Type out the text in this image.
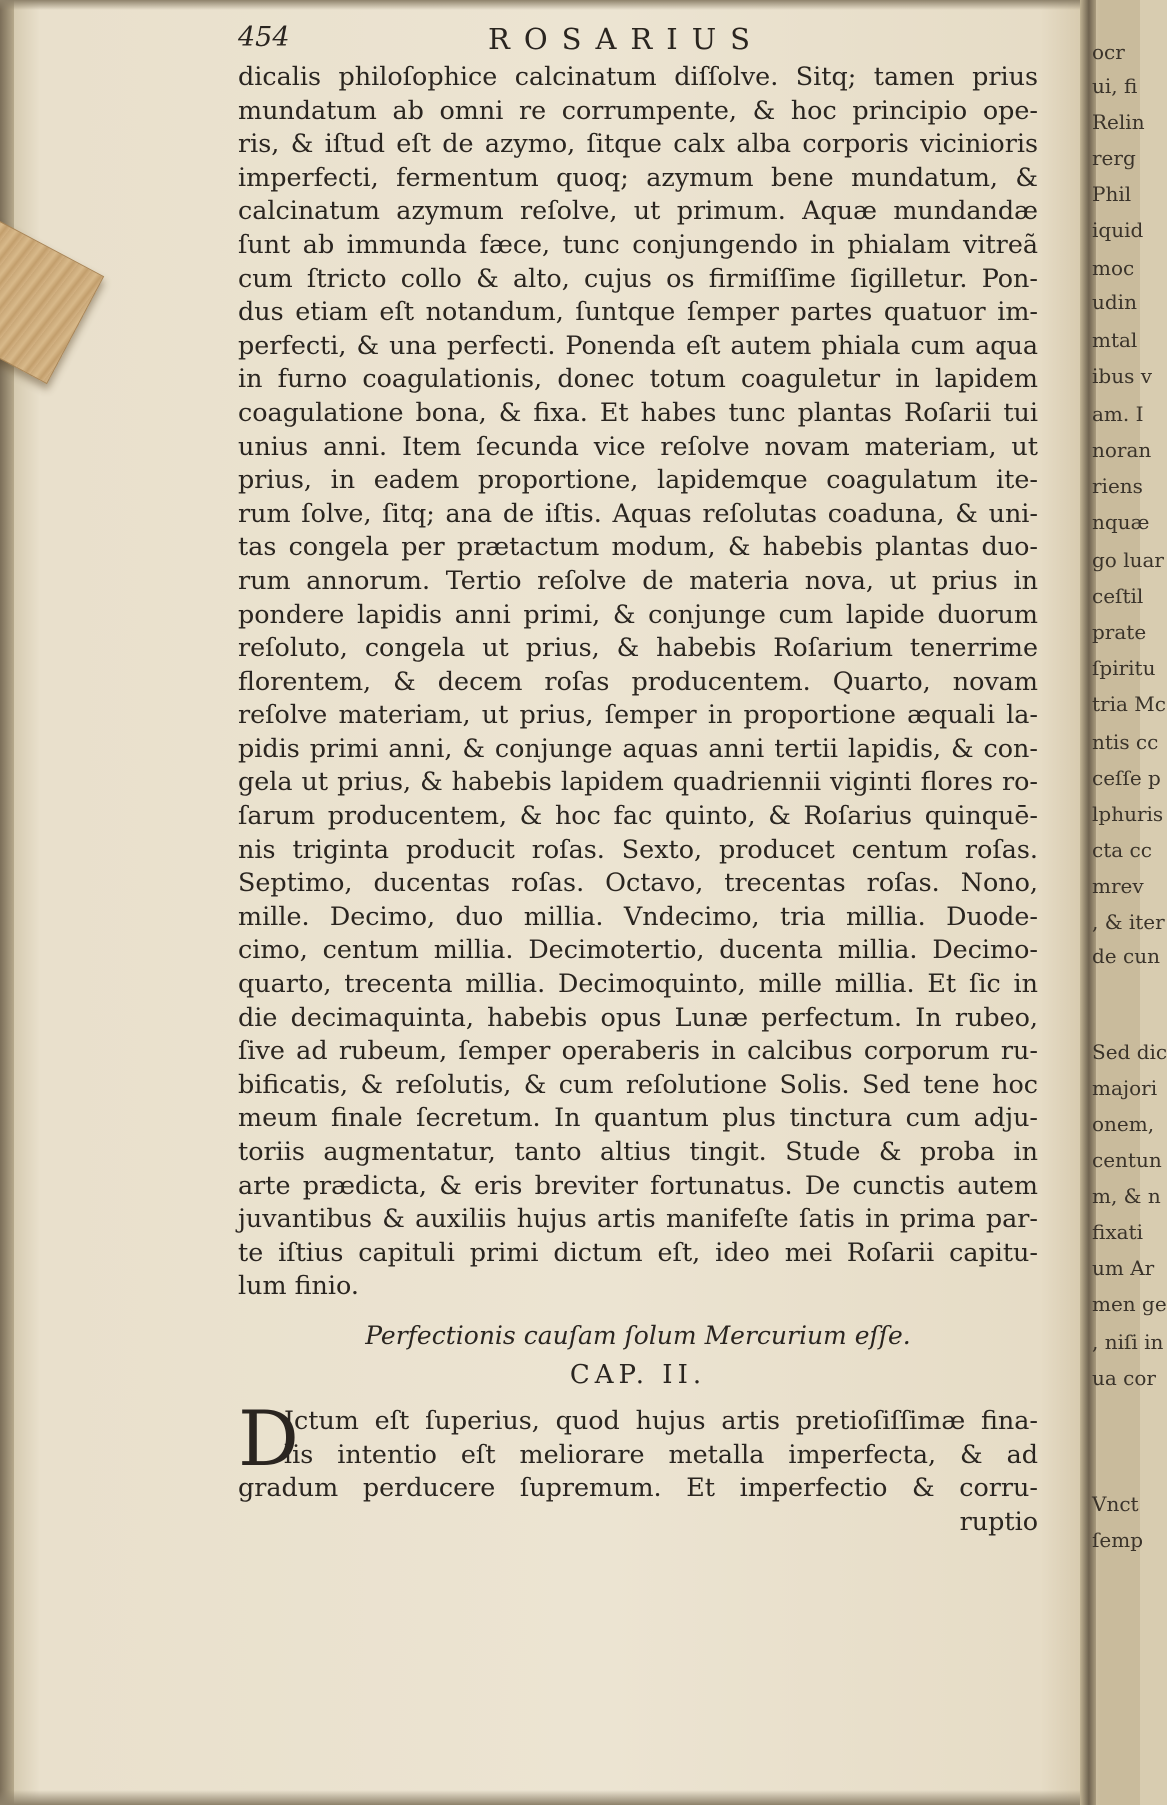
454	ROSARIUS
dicalis philoſophice calcinatum diſſolve. Sitq; tamen prius
mundatum ab omni re corrumpente, & hoc principio ope-
ris, & iſtud eſt de azymo, ſitque calx alba corporis vicinioris
imperfecti, fermentum quoq; azymum bene mundatum, &
calcinatum azymum reſolve, ut primum. Aquæ mundandæ
ſunt ab immunda fæce, tunc conjungendo in phialam vitreã
cum ſtricto collo & alto, cujus os firmiſſime ſigilletur. Pon-
dus etiam eſt notandum, ſuntque ſemper partes quatuor im-
perfecti, & una perfecti. Ponenda eſt autem phiala cum aqua
in furno coagulationis, donec totum coaguletur in lapidem
coagulatione bona, & fixa. Et habes tunc plantas Roſarii tui
unius anni. Item ſecunda vice reſolve novam materiam, ut
prius, in eadem proportione, lapidemque coagulatum ite-
rum ſolve, ſitq; ana de iſtis. Aquas reſolutas coaduna, & uni-
tas congela per prætactum modum, & habebis plantas duo-
rum annorum. Tertio reſolve de materia nova, ut prius in
pondere lapidis anni primi, & conjunge cum lapide duorum
reſoluto, congela ut prius, & habebis Roſarium tenerrime
florentem, & decem roſas producentem. Quarto, novam
reſolve materiam, ut prius, ſemper in proportione æquali la-
pidis primi anni, & conjunge aquas anni tertii lapidis, & con-
gela ut prius, & habebis lapidem quadriennii viginti flores ro-
ſarum producentem, & hoc fac quinto, & Roſarius quinquē-
nis triginta producit roſas. Sexto, producet centum roſas.
Septimo, ducentas roſas. Octavo, trecentas roſas. Nono,
mille. Decimo, duo millia. Vndecimo, tria millia. Duode-
cimo, centum millia. Decimotertio, ducenta millia. Decimo-
quarto, trecenta millia. Decimoquinto, mille millia. Et ſic in
die decimaquinta, habebis opus Lunæ perfectum. In rubeo,
ſive ad rubeum, ſemper operaberis in calcibus corporum ru-
bificatis, & reſolutis, & cum reſolutione Solis. Sed tene hoc
meum finale ſecretum. In quantum plus tinctura cum adju-
toriis augmentatur, tanto altius tingit. Stude & proba in
arte prædicta, & eris breviter fortunatus. De cunctis autem
juvantibus & auxiliis hujus artis manifeſte ſatis in prima par-
te iſtius capituli primi dictum eſt, ideo mei Roſarii capitu-
lum finio.
Perfectionis cauſam ſolum Mercurium eſſe.
CAP. II.
D
Ictum eſt ſuperius, quod hujus artis pretioſiſſimæ fina-
lis intentio eſt meliorare metalla imperfecta, & ad
gradum perducere ſupremum. Et imperfectio & corru-
ruptio
ocr
ui, fi
Relin
rerg
Phil
iquid
moc
udin
mtal
ibus v
am. I
noran
riens
nquæ
go luar
ceſtil
prate
ſpiritu
tria Mc
ntis cc
ceſſe p
lphuris
cta cc
mrev
, & iter
de cun
Sed dic
majori
onem,
centun
m, & n
fixati
um Ar
men ge
, niſi in
ua cor
Vnct
ſemp
